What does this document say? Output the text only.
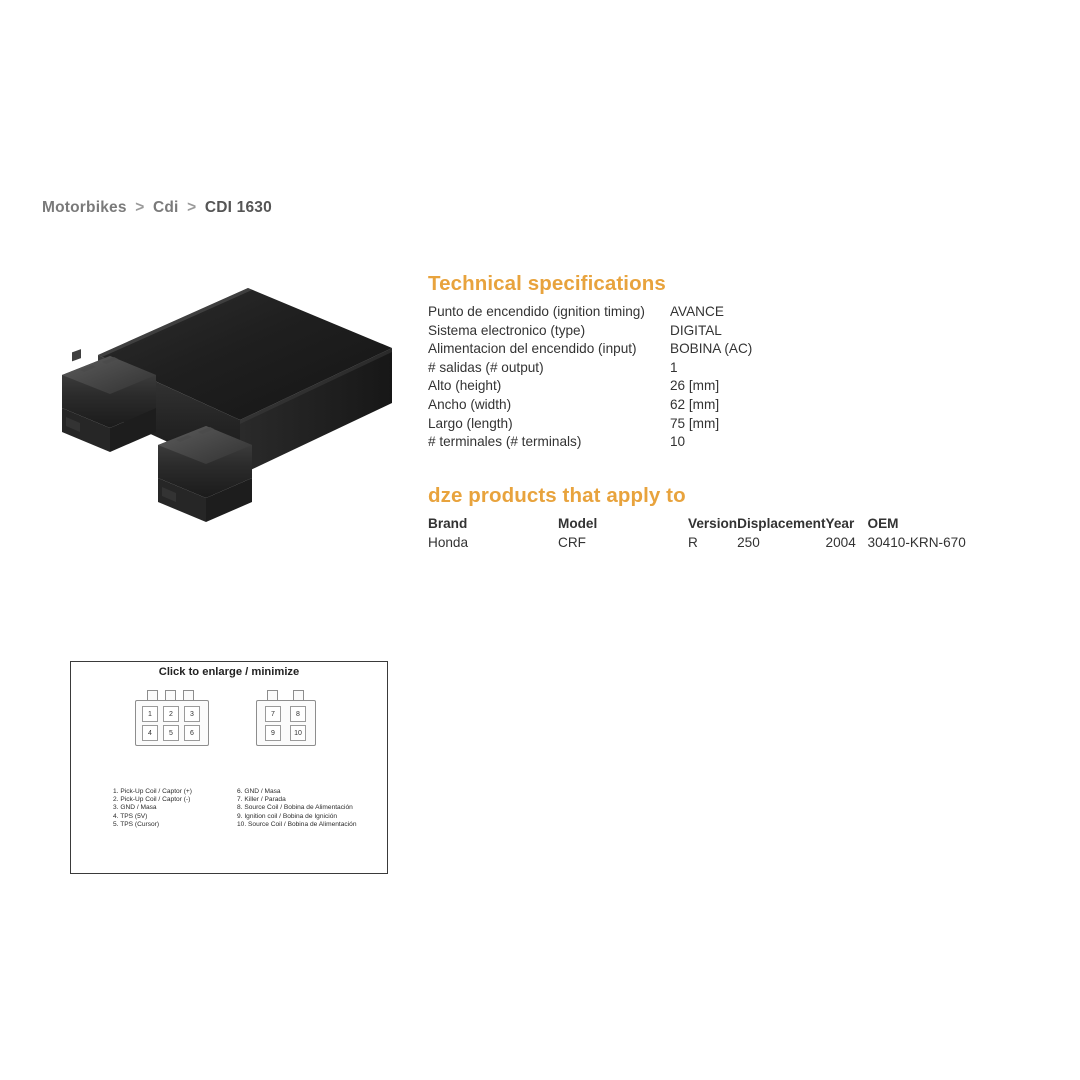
Motorbikes > Cdi > CDI 1630
Technical specifications
Punto de encendido (ignition timing)	AVANCE
Sistema electronico (type)	DIGITAL
Alimentacion del encendido (input)	BOBINA (AC)
# salidas (# output)	1
Alto (height)	26 [mm]
Ancho (width)	62 [mm]
Largo (length)	75 [mm]
# terminales (# terminals)	10
dze products that apply to
Brand	Model	Version	Displacement	Year	OEM
Honda	CRF	R	250	2004	30410-KRN-670
Click to enlarge / minimize
1	2	3
4	5	6
7	8
9	10
1. Pick-Up Coil / Captor (+)
2. Pick-Up Coil / Captor (-)
3. GND / Masa
4. TPS (5V)
5. TPS (Cursor)
6. GND / Masa
7. Killer / Parada
8. Source Coil / Bobina de Alimentación
9. Ignition coil / Bobina de Ignición
10. Source Coil / Bobina de Alimentación
